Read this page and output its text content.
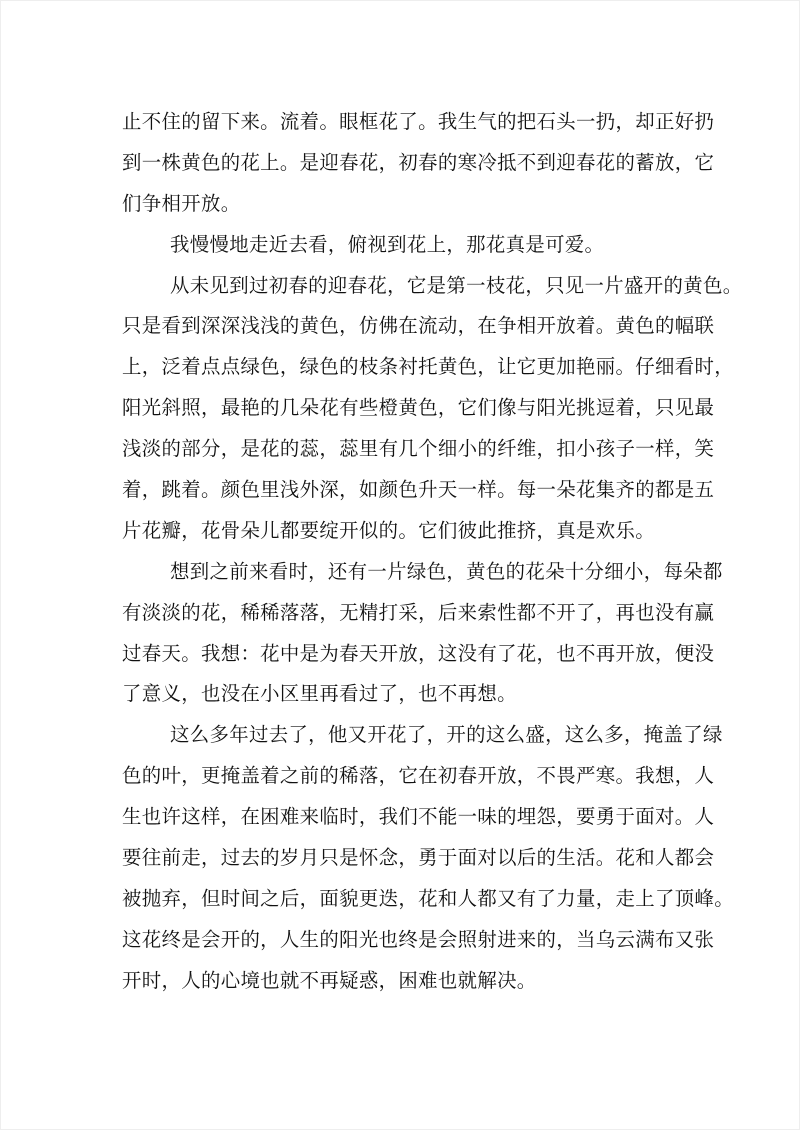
止不住的留下来。流着。眼框花了。我生气的把石头一扔，却正好扔
到一株黄色的花上。是迎春花，初春的寒冷抵不到迎春花的蓄放，它
们争相开放。
我慢慢地走近去看，俯视到花上，那花真是可爱。
从未见到过初春的迎春花，它是第一枝花，只见一片盛开的黄色。
只是看到深深浅浅的黄色，仿佛在流动，在争相开放着。黄色的幅联
上，泛着点点绿色，绿色的枝条衬托黄色，让它更加艳丽。仔细看时，
阳光斜照，最艳的几朵花有些橙黄色，它们像与阳光挑逗着，只见最
浅淡的部分，是花的蕊，蕊里有几个细小的纤维，扣小孩子一样，笑
着，跳着。颜色里浅外深，如颜色升天一样。每一朵花集齐的都是五
片花瓣，花骨朵儿都要绽开似的。它们彼此推挤，真是欢乐。
想到之前来看时，还有一片绿色，黄色的花朵十分细小，每朵都
有淡淡的花，稀稀落落，无精打采，后来索性都不开了，再也没有赢
过春天。我想：花中是为春天开放，这没有了花，也不再开放，便没
了意义，也没在小区里再看过了，也不再想。
这么多年过去了，他又开花了，开的这么盛，这么多，掩盖了绿
色的叶，更掩盖着之前的稀落，它在初春开放，不畏严寒。我想，人
生也许这样，在困难来临时，我们不能一味的埋怨，要勇于面对。人
要往前走，过去的岁月只是怀念，勇于面对以后的生活。花和人都会
被抛弃，但时间之后，面貌更迭，花和人都又有了力量，走上了顶峰。
这花终是会开的，人生的阳光也终是会照射进来的，当乌云满布又张
开时，人的心境也就不再疑惑，困难也就解决。
